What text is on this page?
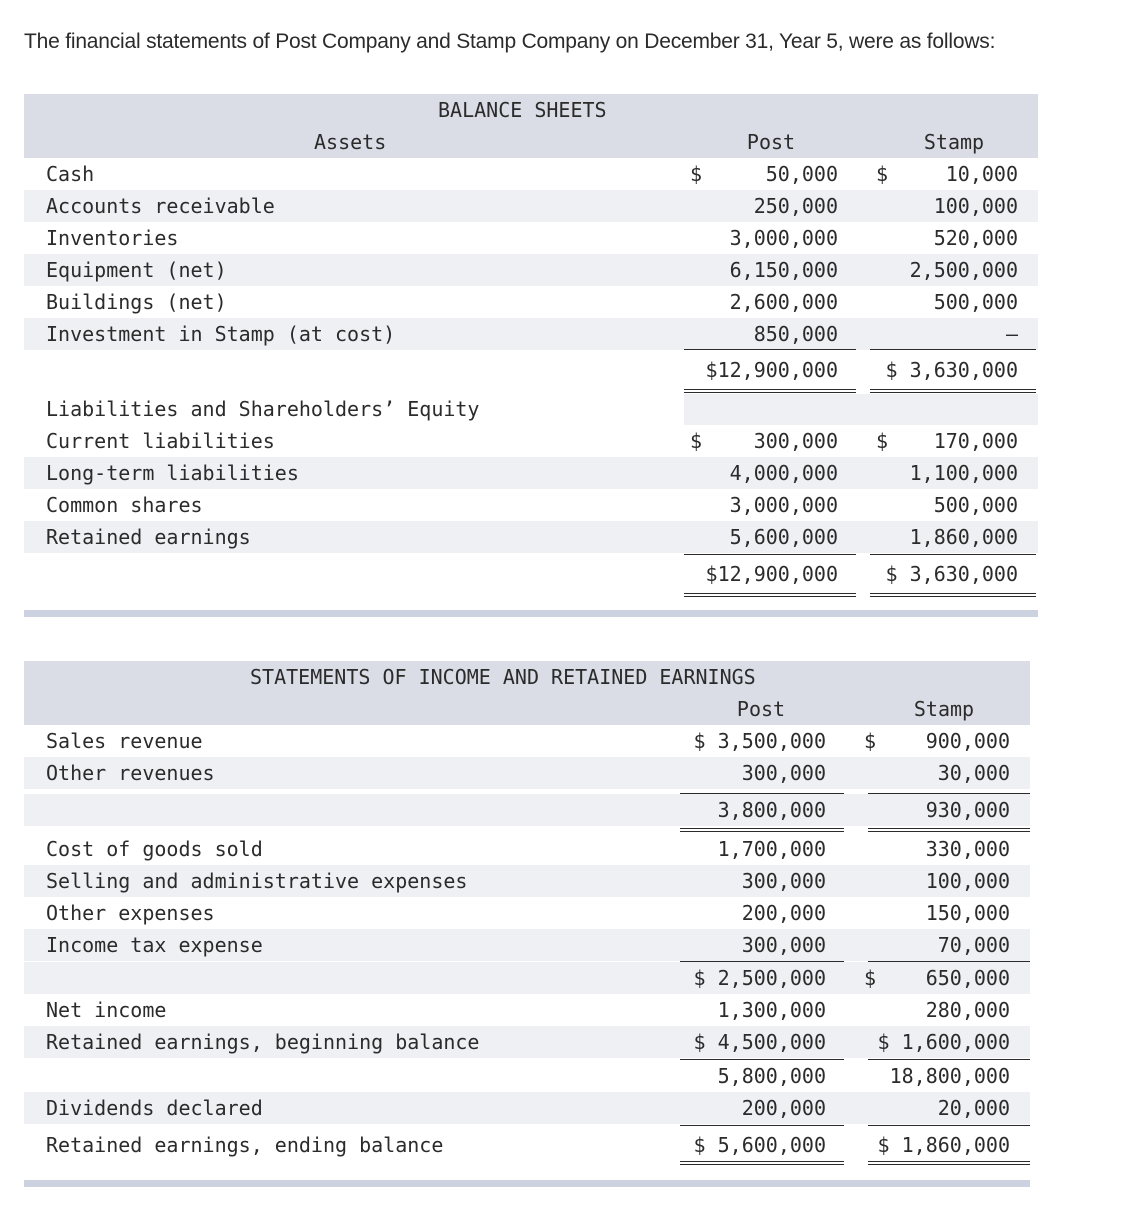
The financial statements of Post Company and Stamp Company on December 31, Year 5, were as follows:
BALANCE SHEETS
Assets	Post	Stamp
Cash	$	50,000 $	10,000
Accounts receivable	250,000	100,000
Inventories	3,000,000	520,000
Equipment (net)	6,150,000	2,500,000
Buildings (net)	2,600,000	500,000
Investment in Stamp (at cost)	850,000	–
$12,900,000	$ 3,630,000
Liabilities and Shareholders’ Equity
Current liabilities	$	300,000 $	170,000
Long-term liabilities	4,000,000	1,100,000
Common shares	3,000,000	500,000
Retained earnings	5,600,000	1,860,000
$12,900,000	$ 3,630,000
STATEMENTS OF INCOME AND RETAINED EARNINGS
Post	Stamp
Sales revenue	$ 3,500,000 $	900,000
Other revenues	300,000	30,000
3,800,000	930,000
Cost of goods sold	1,700,000	330,000
Selling and administrative expenses	300,000	100,000
Other expenses	200,000	150,000
Income tax expense	300,000	70,000
$ 2,500,000 $	650,000
Net income	1,300,000	280,000
Retained earnings, beginning balance	$ 4,500,000	$ 1,600,000
5,800,000	18,800,000
Dividends declared	200,000	20,000
Retained earnings, ending balance	$ 5,600,000	$ 1,860,000
